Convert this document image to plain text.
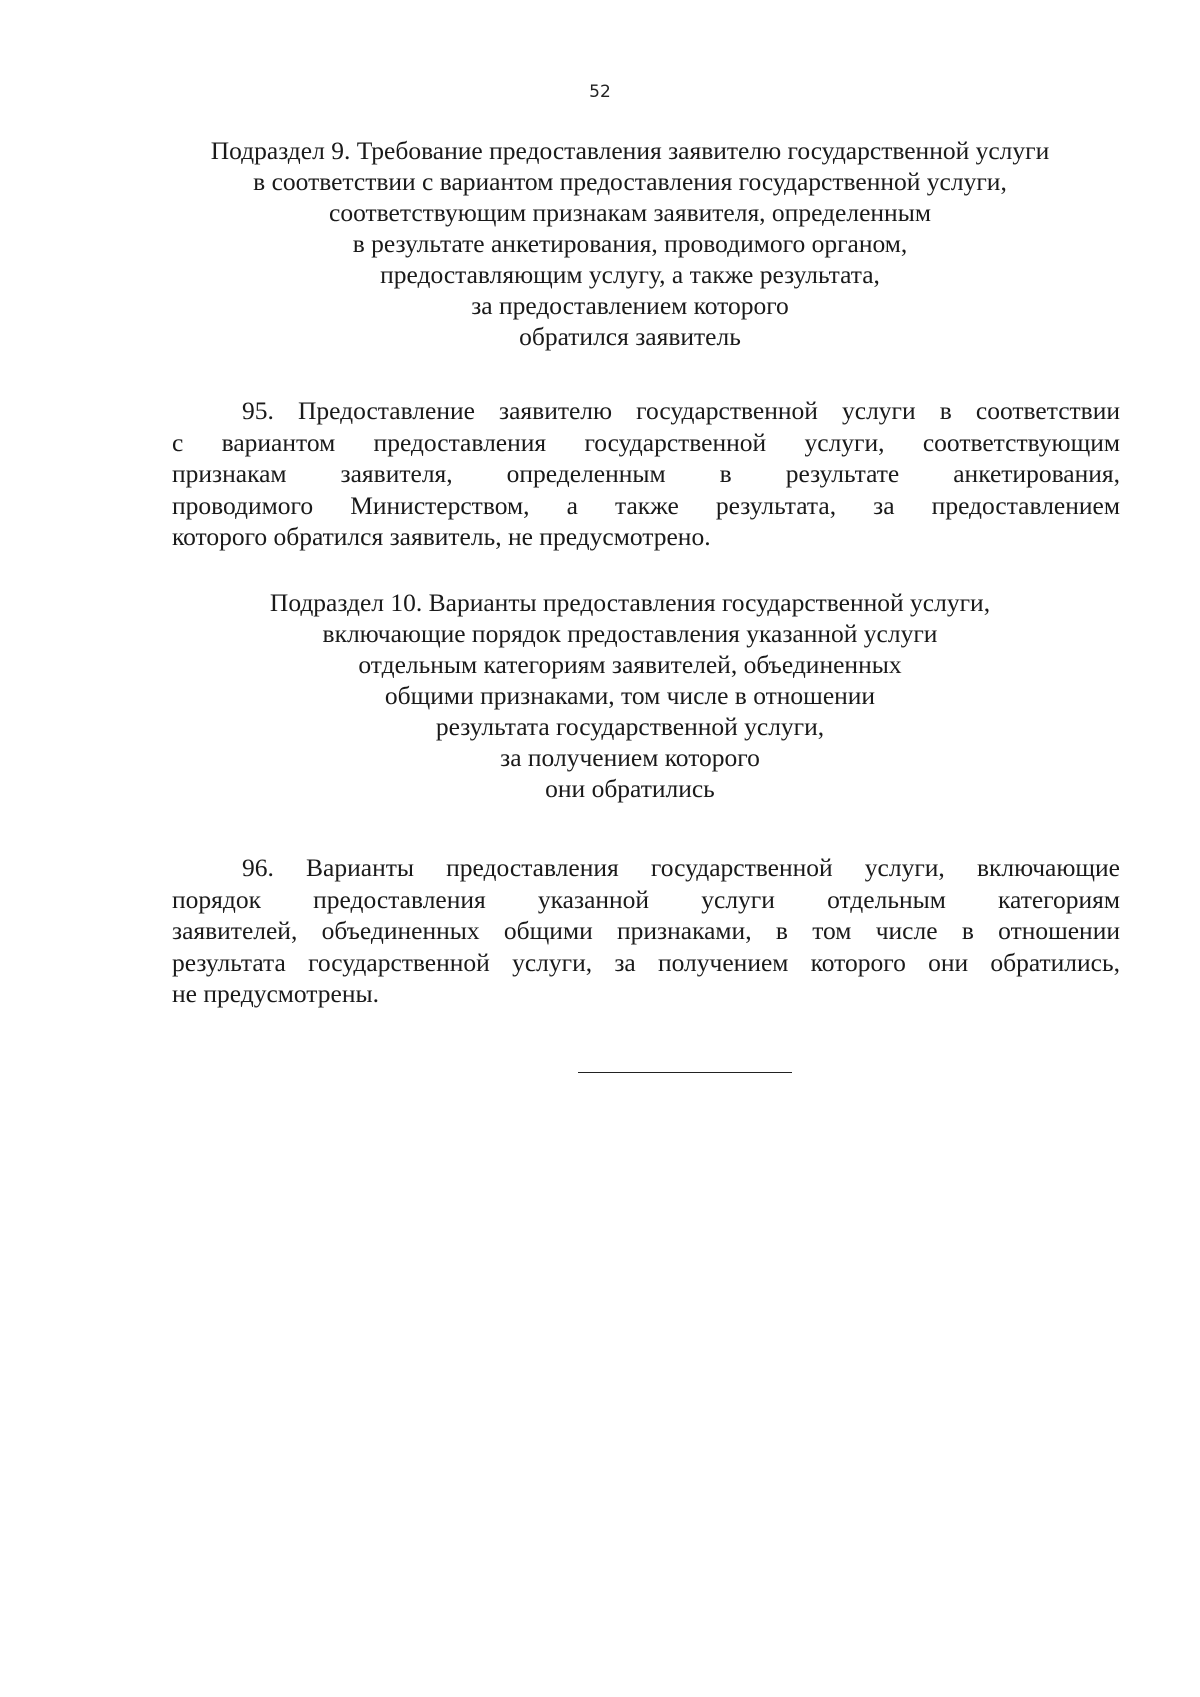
52
Подраздел 9. Требование предоставления заявителю государственной услуги
в соответствии с вариантом предоставления государственной услуги,
соответствующим признакам заявителя, определенным
в результате анкетирования, проводимого органом,
предоставляющим услугу, а также результата,
за предоставлением которого
обратился заявитель
95. Предоставление заявителю государственной услуги в соответствии
с вариантом предоставления государственной услуги, соответствующим
признакам заявителя, определенным в результате анкетирования,
проводимого Министерством, а также результата, за предоставлением
которого обратился заявитель, не предусмотрено.
Подраздел 10. Варианты предоставления государственной услуги,
включающие порядок предоставления указанной услуги
отдельным категориям заявителей, объединенных
общими признаками, том числе в отношении
результата государственной услуги,
за получением которого
они обратились
96. Варианты предоставления государственной услуги, включающие
порядок предоставления указанной услуги отдельным категориям
заявителей, объединенных общими признаками, в том числе в отношении
результата государственной услуги, за получением которого они обратились,
не предусмотрены.
